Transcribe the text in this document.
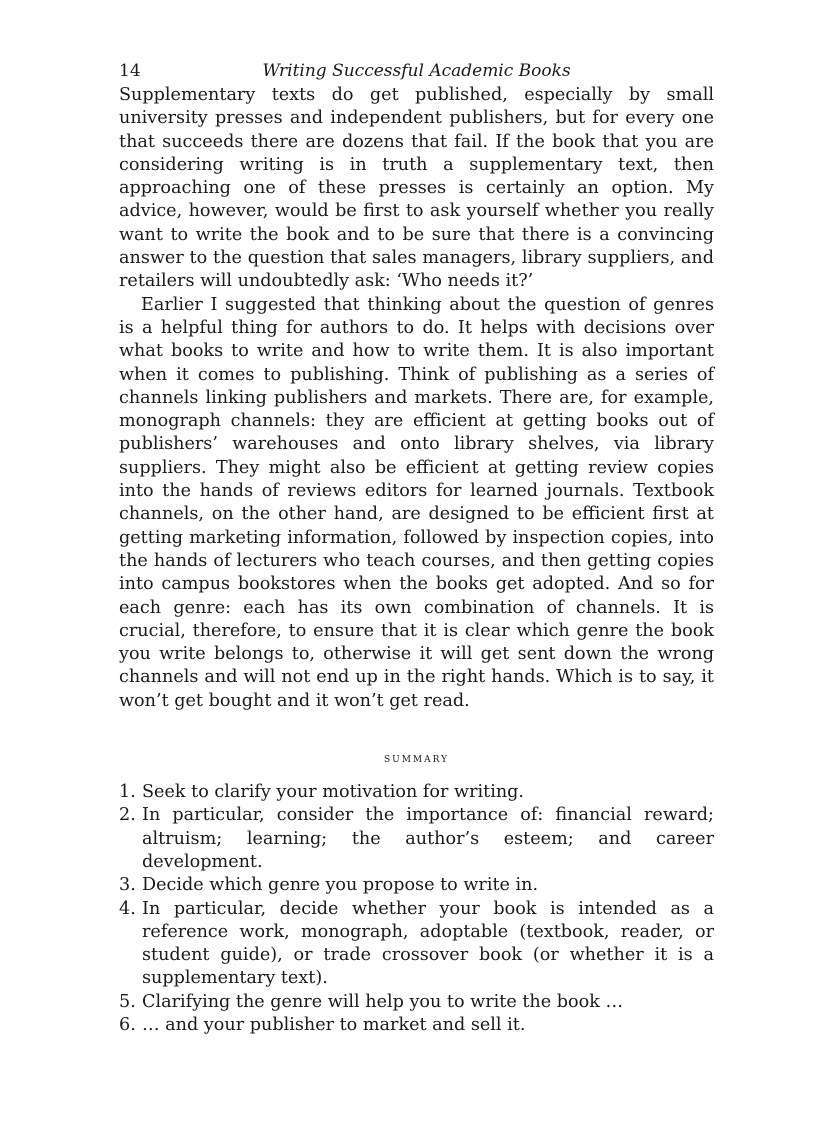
14	Writing Successful Academic Books

Supplementary texts do get published, especially by small university presses and independent publishers, but for every one that succeeds there are dozens that fail. If the book that you are considering writing is in truth a supplementary text, then approaching one of these presses is certainly an option. My advice, however, would be first to ask yourself whether you really want to write the book and to be sure that there is a convincing answer to the question that sales managers, library suppliers, and retailers will undoubtedly ask: ‘Who needs it?’

Earlier I suggested that thinking about the question of genres is a helpful thing for authors to do. It helps with decisions over what books to write and how to write them. It is also important when it comes to publishing. Think of publishing as a series of channels linking publishers and markets. There are, for example, monograph channels: they are efficient at getting books out of publishers’ warehouses and onto library shelves, via library suppliers. They might also be efficient at getting review copies into the hands of reviews editors for learned journals. Textbook channels, on the other hand, are designed to be efficient first at getting marketing information, followed by inspection copies, into the hands of lecturers who teach courses, and then getting copies into campus bookstores when the books get adopted. And so for each genre: each has its own combination of channels. It is crucial, therefore, to ensure that it is clear which genre the book you write belongs to, otherwise it will get sent down the wrong channels and will not end up in the right hands. Which is to say, it won’t get bought and it won’t get read.

summary
1. Seek to clarify your motivation for writing.
2. In particular, consider the importance of: financial reward; altruism; learning; the author’s esteem; and career development.
3. Decide which genre you propose to write in.
4. In particular, decide whether your book is intended as a reference work, monograph, adoptable (textbook, reader, or student guide), or trade crossover book (or whether it is a supplementary text).
5. Clarifying the genre will help you to write the book …
6. … and your publisher to market and sell it.
